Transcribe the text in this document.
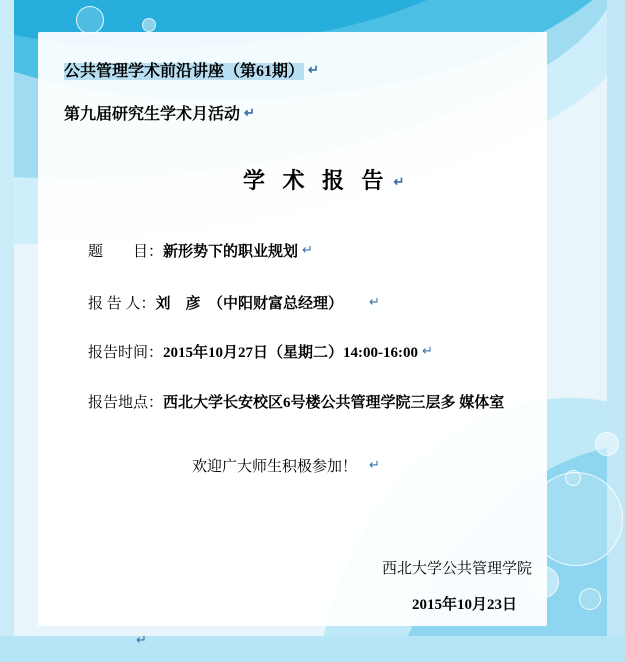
公共管理学术前沿讲座（第61期） ↵
第九届研究生学术月活动 ↵
学 术 报 告 ↵
题　　目：新形势下的职业规划 ↵
报 告 人：刘　彦　（中阳财富总经理） ↵
报告时间：2015年10月27日（星期二）14:00-16:00 ↵
报告地点：西北大学长安校区6号楼公共管理学院三层多 媒体室
欢迎广大师生积极参加！ ↵
西北大学公共管理学院
2015年10月23日
↵
